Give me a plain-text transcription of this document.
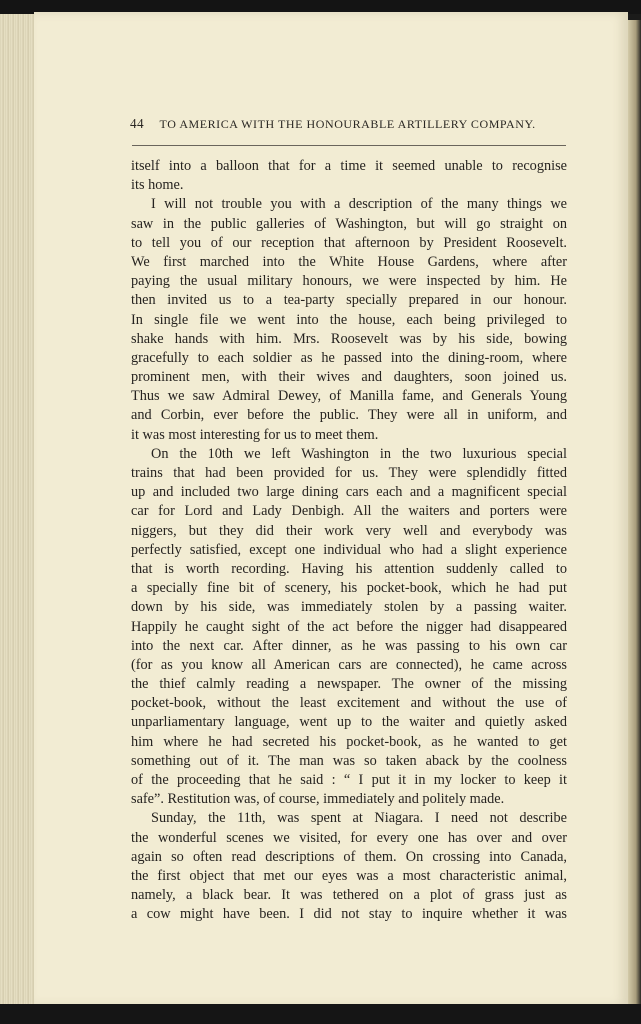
44 TO AMERICA WITH THE HONOURABLE ARTILLERY COMPANY.
itself into a balloon that for a time it seemed unable to recognise
its home.
I will not trouble you with a description of the many things we
saw in the public galleries of Washington, but will go straight on
to tell you of our reception that afternoon by President Roosevelt.
We first marched into the White House Gardens, where after
paying the usual military honours, we were inspected by him. He
then invited us to a tea-party specially prepared in our honour.
In single file we went into the house, each being privileged to
shake hands with him. Mrs. Roosevelt was by his side, bowing
gracefully to each soldier as he passed into the dining-room, where
prominent men, with their wives and daughters, soon joined us.
Thus we saw Admiral Dewey, of Manilla fame, and Generals Young
and Corbin, ever before the public. They were all in uniform, and
it was most interesting for us to meet them.
On the 10th we left Washington in the two luxurious special
trains that had been provided for us. They were splendidly fitted
up and included two large dining cars each and a magnificent special
car for Lord and Lady Denbigh. All the waiters and porters were
niggers, but they did their work very well and everybody was
perfectly satisfied, except one individual who had a slight experience
that is worth recording. Having his attention suddenly called to
a specially fine bit of scenery, his pocket-book, which he had put
down by his side, was immediately stolen by a passing waiter.
Happily he caught sight of the act before the nigger had disappeared
into the next car. After dinner, as he was passing to his own car
(for as you know all American cars are connected), he came across
the thief calmly reading a newspaper. The owner of the missing
pocket-book, without the least excitement and without the use of
unparliamentary language, went up to the waiter and quietly asked
him where he had secreted his pocket-book, as he wanted to get
something out of it. The man was so taken aback by the coolness
of the proceeding that he said : “ I put it in my locker to keep it
safe”. Restitution was, of course, immediately and politely made.
Sunday, the 11th, was spent at Niagara. I need not describe
the wonderful scenes we visited, for every one has over and over
again so often read descriptions of them. On crossing into Canada,
the first object that met our eyes was a most characteristic animal,
namely, a black bear. It was tethered on a plot of grass just as
a cow might have been. I did not stay to inquire whether it was
